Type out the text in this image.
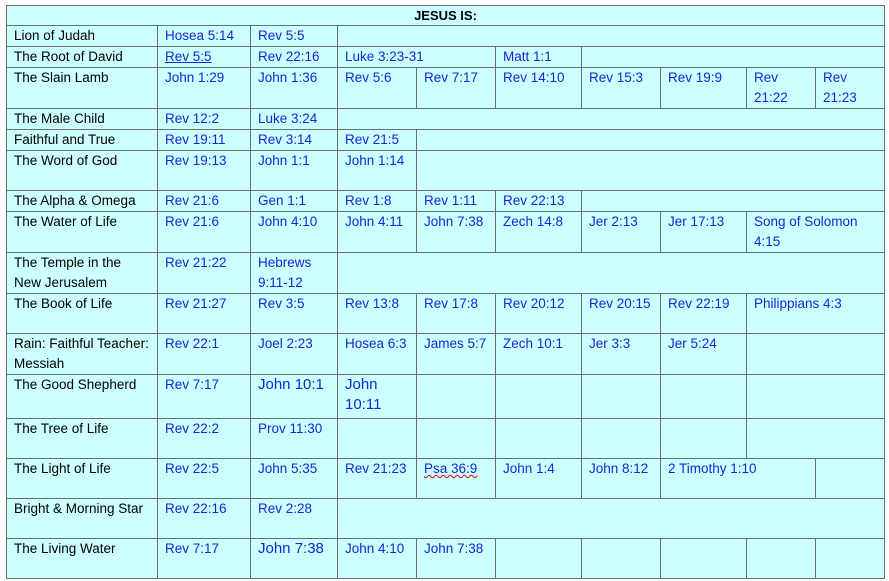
JESUS IS:									
Lion of Judah	Hosea 5:14	Rev 5:5							
The Root of David	Rev 5:5	Rev 22:16	Luke 3:23-31		Matt 1:1				
The Slain Lamb	John 1:29	John 1:36	Rev 5:6	Rev 7:17	Rev 14:10	Rev 15:3	Rev 19:9	Rev 21:22	Rev 21:23
The Male Child	Rev 12:2	Luke 3:24							
Faithful and True	Rev 19:11	Rev 3:14	Rev 21:5						
The Word of God	Rev 19:13	John 1:1	John 1:14						
The Alpha & Omega	Rev 21:6	Gen 1:1	Rev 1:8	Rev 1:11	Rev 22:13				
The Water of Life	Rev 21:6	John 4:10	John 4:11	John 7:38	Zech 14:8	Jer 2:13	Jer 17:13	Song of Solomon 4:15	
The Temple in the New Jerusalem	Rev 21:22	Hebrews 9:11-12							
The Book of Life	Rev 21:27	Rev 3:5	Rev 13:8	Rev 17:8	Rev 20:12	Rev 20:15	Rev 22:19	Philippians 4:3	
Rain: Faithful Teacher: Messiah	Rev 22:1	Joel 2:23	Hosea 6:3	James 5:7	Zech 10:1	Jer 3:3	Jer 5:24		
The Good Shepherd	Rev 7:17	John 10:1	John 10:11						
The Tree of Life	Rev 22:2	Prov 11:30							
The Light of Life	Rev 22:5	John 5:35	Rev 21:23	Psa 36:9	John 1:4	John 8:12	2 Timothy 1:10		
Bright & Morning Star	Rev 22:16	Rev 2:28							
The Living Water	Rev 7:17	John 7:38	John 4:10	John 7:38					
